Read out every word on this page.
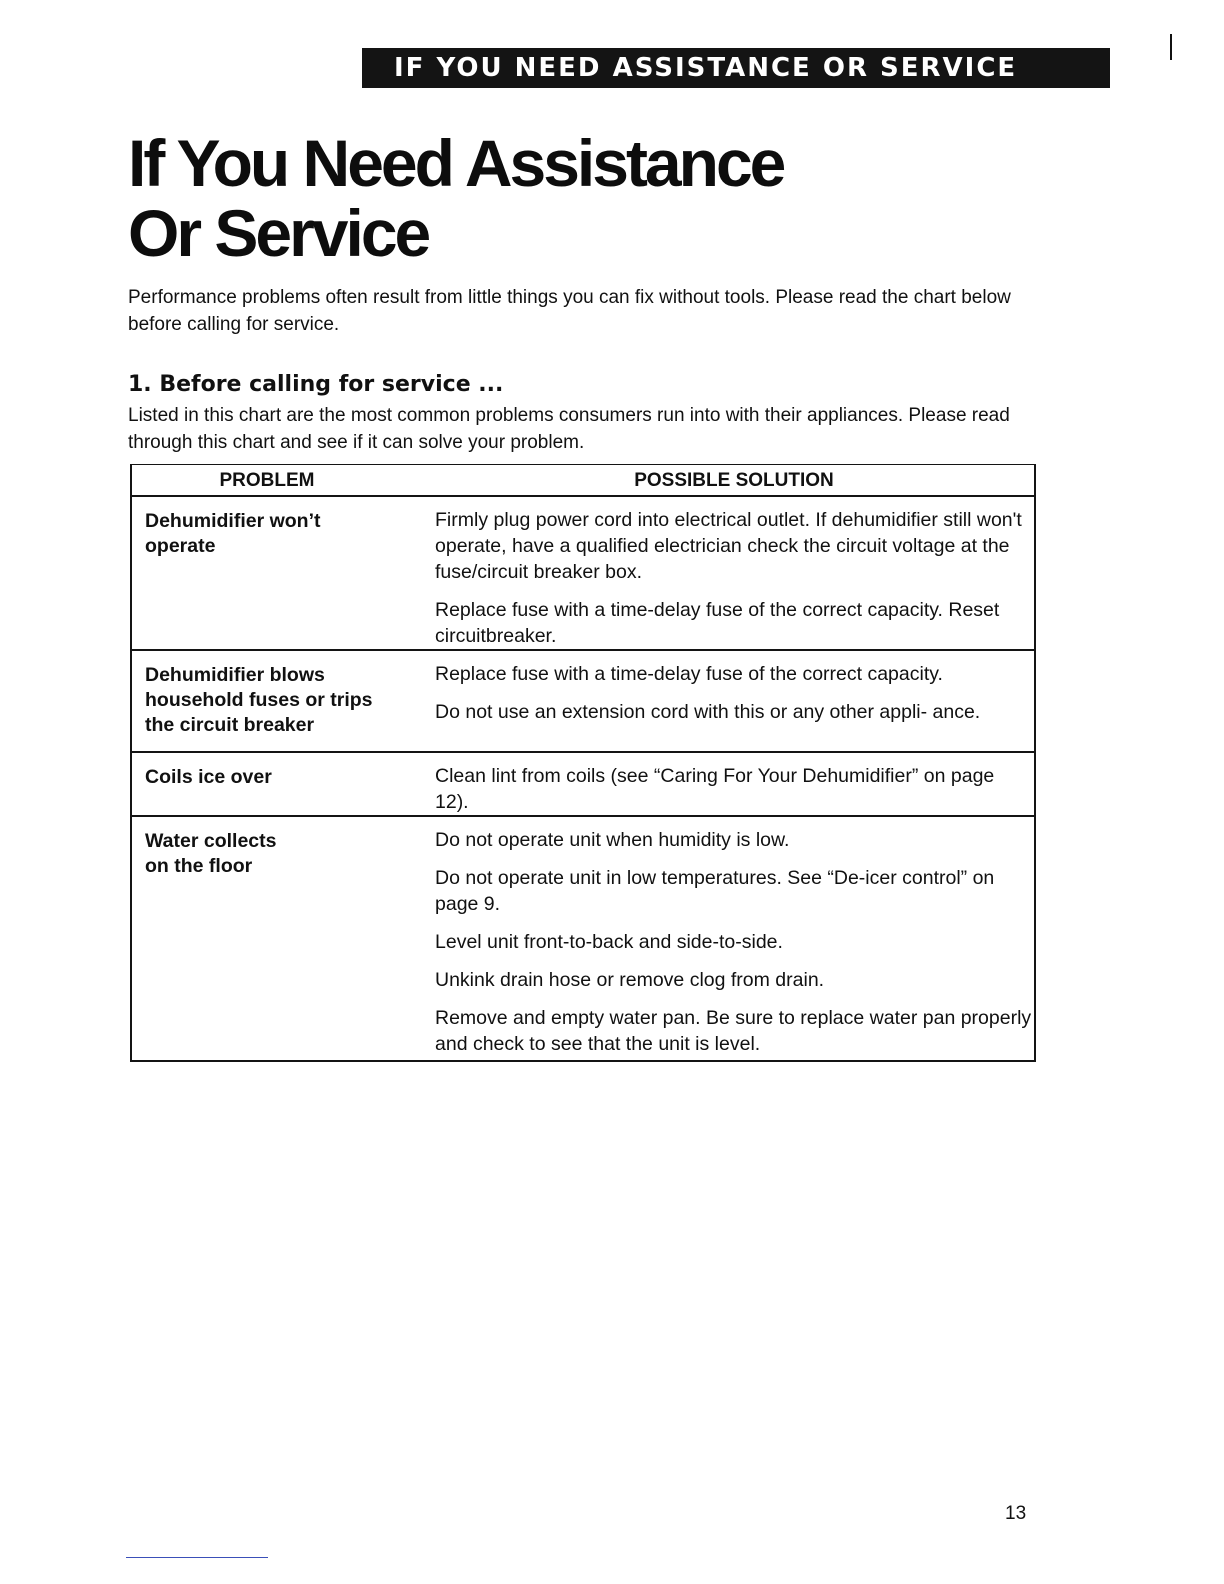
IF YOU NEED ASSISTANCE OR SERVICE
If You Need Assistance
Or Service

Performance problems often result from little things you can fix without tools. Please read the chart below before calling for service.

1. Before calling for service ...

Listed in this chart are the most common problems consumers run into with their appliances. Please read through this chart and see if it can solve your problem.

PROBLEM	POSSIBLE SOLUTION
Dehumidifier won’t
operate

Firmly plug power cord into electrical outlet. If dehumidifier still won't operate, have a qualified electrician check the circuit voltage at the fuse/circuit breaker box.

Replace fuse with a time-delay fuse of the correct capacity. Reset circuitbreaker.

Dehumidifier blows
household fuses or trips
the circuit breaker

Replace fuse with a time-delay fuse of the correct capacity.

Do not use an extension cord with this or any other appli- ance.

Coils ice over	Clean lint from coils (see “Caring For Your Dehumidifier” on page 12).

Water collects
on the floor

Do not operate unit when humidity is low.

Do not operate unit in low temperatures. See “De-icer control” on page 9.

Level unit front-to-back and side-to-side.

Unkink drain hose or remove clog from drain.

Remove and empty water pan. Be sure to replace water pan properly and check to see that the unit is level.

13
